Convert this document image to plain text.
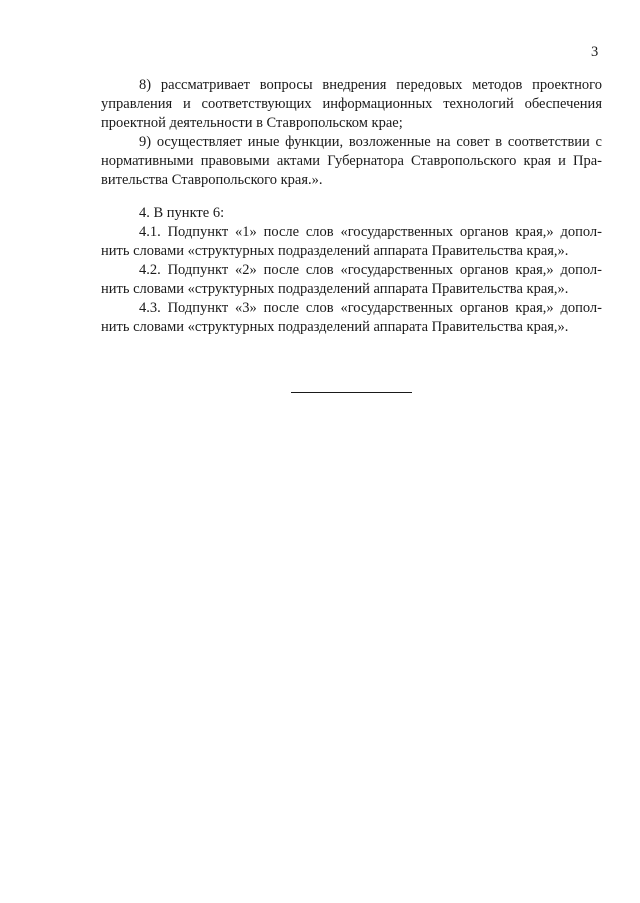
3
8) рассматривает вопросы внедрения передовых методов проектного
управления и соответствующих информационных технологий обеспечения
проектной деятельности в Ставропольском крае;
9) осуществляет иные функции, возложенные на совет в соответствии с
нормативными правовыми актами Губернатора Ставропольского края и Пра-
вительства Ставропольского края.».
4. В пункте 6:
4.1. Подпункт «1» после слов «государственных органов края,» допол-
нить словами «структурных подразделений аппарата Правительства края,».
4.2. Подпункт «2» после слов «государственных органов края,» допол-
нить словами «структурных подразделений аппарата Правительства края,».
4.3. Подпункт «3» после слов «государственных органов края,» допол-
нить словами «структурных подразделений аппарата Правительства края,».
